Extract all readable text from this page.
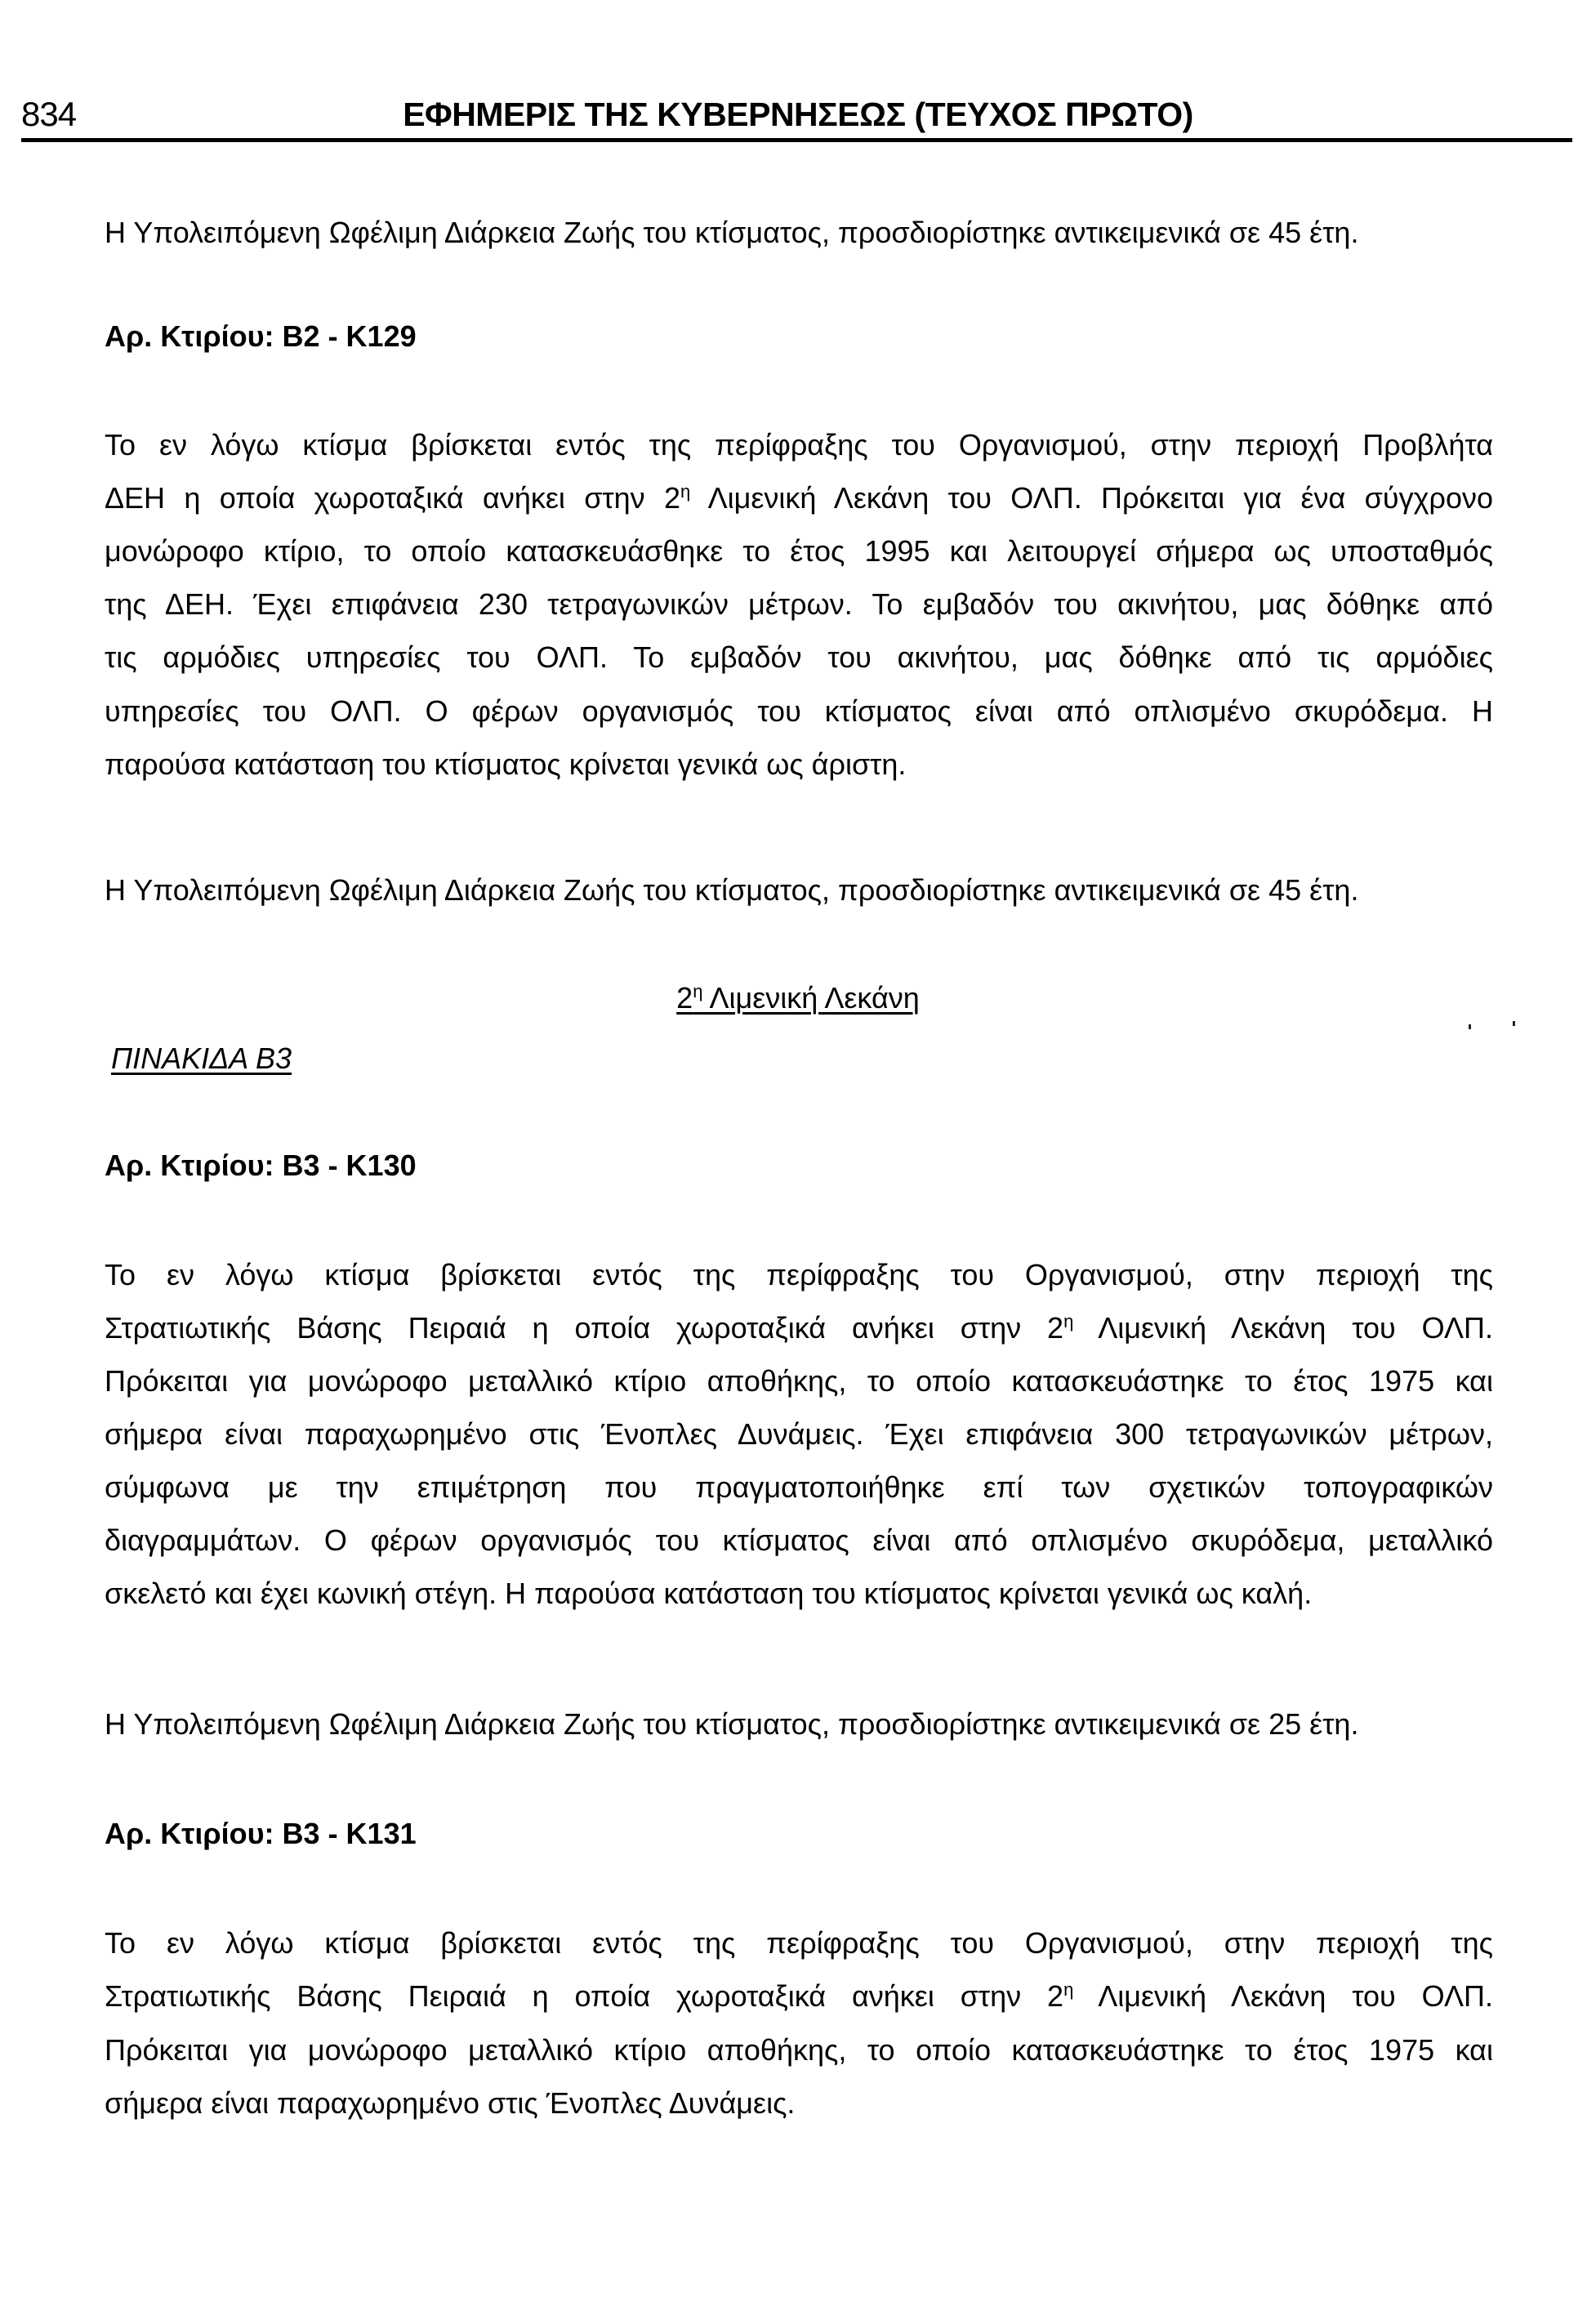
834	ΕΦΗΜΕΡΙΣ ΤΗΣ ΚΥΒΕΡΝΗΣΕΩΣ (ΤΕΥΧΟΣ ΠΡΩΤΟ)
Η Υπολειπόμενη Ωφέλιμη Διάρκεια Ζωής του κτίσματος, προσδιορίστηκε αντικειμενικά σε 45 έτη.
Αρ. Κτιρίου: Β2 - Κ129
Το εν λόγω κτίσμα βρίσκεται εντός της περίφραξης του Οργανισμού, στην περιοχή Προβλήτα
ΔΕΗ η οποία χωροταξικά ανήκει στην $2^\eta$ Λιμενική Λεκάνη του ΟΛΠ. Πρόκειται για ένα σύγχρονο
μονώροφο κτίριο, το οποίο κατασκευάσθηκε το έτος 1995 και λειτουργεί σήμερα ως υποσταθμός
της ΔΕΗ. Έχει επιφάνεια 230 τετραγωνικών μέτρων. Το εμβαδόν του ακινήτου, μας δόθηκε από
τις αρμόδιες υπηρεσίες του ΟΛΠ. Το εμβαδόν του ακινήτου, μας δόθηκε από τις αρμόδιες
υπηρεσίες του ΟΛΠ. Ο φέρων οργανισμός του κτίσματος είναι από οπλισμένο σκυρόδεμα. Η
παρούσα κατάσταση του κτίσματος κρίνεται γενικά ως άριστη.
Η Υπολειπόμενη Ωφέλιμη Διάρκεια Ζωής του κτίσματος, προσδιορίστηκε αντικειμενικά σε 45 έτη.
$2^\eta$ Λιμενική Λεκάνη
ΠΙΝΑΚΙΔΑ Β3
Αρ. Κτιρίου: Β3 - Κ130
Το εν λόγω κτίσμα βρίσκεται εντός της περίφραξης του Οργανισμού, στην περιοχή της
Στρατιωτικής Βάσης Πειραιά η οποία χωροταξικά ανήκει στην $2^\eta$ Λιμενική Λεκάνη του ΟΛΠ.
Πρόκειται για μονώροφο μεταλλικό κτίριο αποθήκης, το οποίο κατασκευάστηκε το έτος 1975 και
σήμερα είναι παραχωρημένο στις Ένοπλες Δυνάμεις. Έχει επιφάνεια 300 τετραγωνικών μέτρων,
σύμφωνα με την επιμέτρηση που πραγματοποιήθηκε επί των σχετικών τοπογραφικών
διαγραμμάτων. Ο φέρων οργανισμός του κτίσματος είναι από οπλισμένο σκυρόδεμα, μεταλλικό
σκελετό και έχει κωνική στέγη. Η παρούσα κατάσταση του κτίσματος κρίνεται γενικά ως καλή.
Η Υπολειπόμενη Ωφέλιμη Διάρκεια Ζωής του κτίσματος, προσδιορίστηκε αντικειμενικά σε 25 έτη.
Αρ. Κτιρίου: Β3 - Κ131
Το εν λόγω κτίσμα βρίσκεται εντός της περίφραξης του Οργανισμού, στην περιοχή της
Στρατιωτικής Βάσης Πειραιά η οποία χωροταξικά ανήκει στην $2^\eta$ Λιμενική Λεκάνη του ΟΛΠ.
Πρόκειται για μονώροφο μεταλλικό κτίριο αποθήκης, το οποίο κατασκευάστηκε το έτος 1975 και
σήμερα είναι παραχωρημένο στις Ένοπλες Δυνάμεις.
